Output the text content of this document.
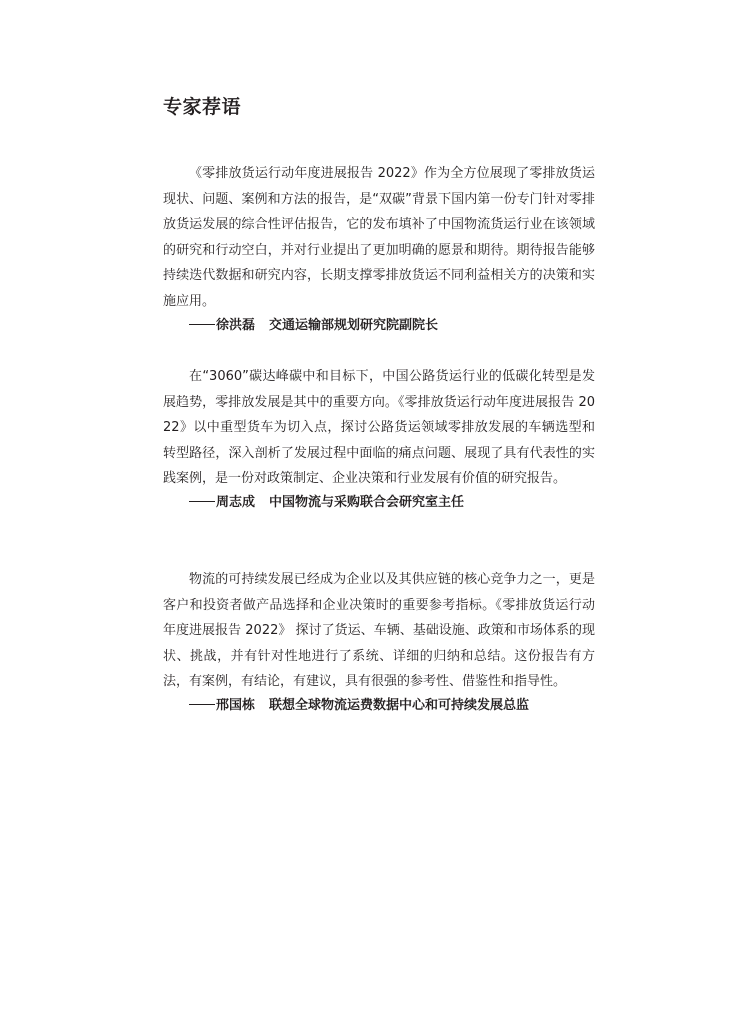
专家荐语

《零排放货运行动年度进展报告 2022》作为全方位展现了零排放货运现状、问题、案例和方法的报告，是“双碳”背景下国内第一份专门针对零排放货运发展的综合性评估报告，它的发布填补了中国物流货运行业在该领域的研究和行动空白，并对行业提出了更加明确的愿景和期待。期待报告能够持续迭代数据和研究内容，长期支撑零排放货运不同利益相关方的决策和实施应用。

徐洪磊 交通运输部规划研究院副院长

在“3060”碳达峰碳中和目标下，中国公路货运行业的低碳化转型是发展趋势，零排放发展是其中的重要方向。《零排放货运行动年度进展报告 2022》以中重型货车为切入点，探讨公路货运领域零排放发展的车辆选型和转型路径，深入剖析了发展过程中面临的痛点问题、展现了具有代表性的实践案例，是一份对政策制定、企业决策和行业发展有价值的研究报告。

周志成 中国物流与采购联合会研究室主任

物流的可持续发展已经成为企业以及其供应链的核心竞争力之一，更是客户和投资者做产品选择和企业决策时的重要参考指标。《零排放货运行动年度进展报告 2022》 探讨了货运、车辆、基础设施、政策和市场体系的现状、挑战，并有针对性地进行了系统、详细的归纳和总结。这份报告有方法，有案例，有结论，有建议，具有很强的参考性、借鉴性和指导性。

邢国栋 联想全球物流运费数据中心和可持续发展总监
